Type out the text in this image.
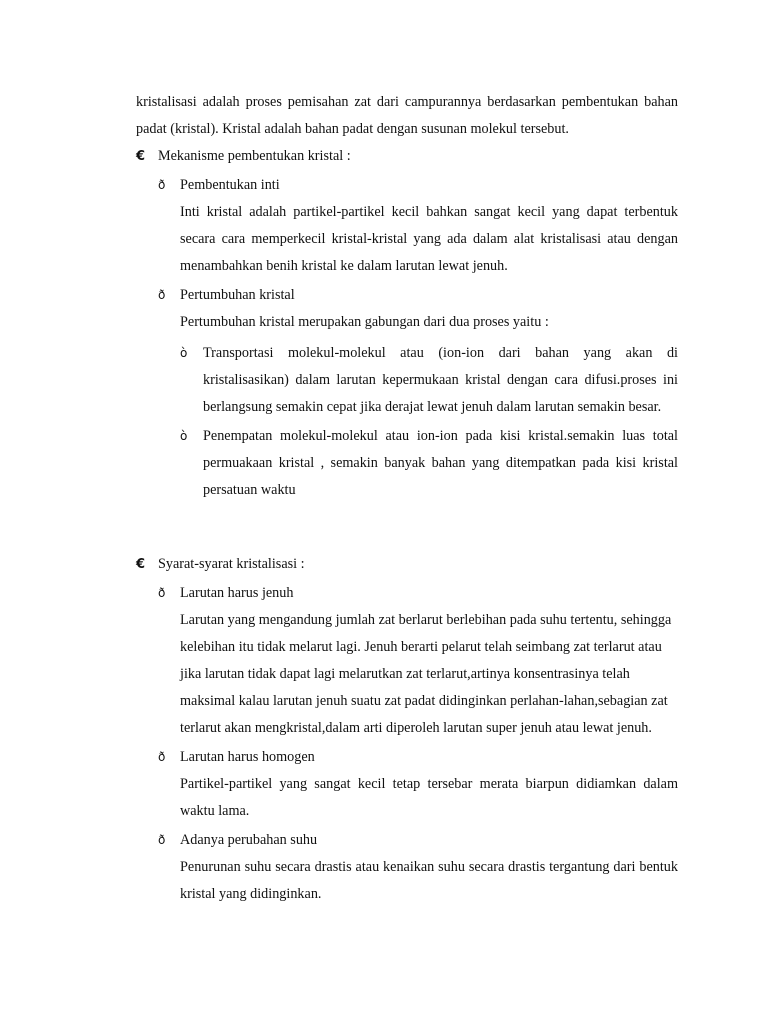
kristalisasi adalah proses pemisahan zat dari campurannya berdasarkan pembentukan bahan padat (kristal). Kristal adalah bahan padat dengan susunan molekul tersebut.

€ Mekanisme pembentukan kristal :
ð	Pembentukan inti

Inti kristal adalah partikel-partikel kecil bahkan sangat kecil yang dapat terbentuk secara cara memperkecil kristal-kristal yang ada dalam alat kristalisasi atau dengan menambahkan benih kristal ke dalam larutan lewat jenuh.

ð	Pertumbuhan kristal

Pertumbuhan kristal merupakan gabungan dari dua proses yaitu :

ò	Transportasi molekul-molekul atau (ion-ion dari bahan yang akan di kristalisasikan) dalam larutan kepermukaan kristal dengan cara difusi.proses ini berlangsung semakin cepat jika derajat lewat jenuh dalam larutan semakin besar.

ò	Penempatan molekul-molekul atau ion-ion pada kisi kristal.semakin luas total permuakaan kristal , semakin banyak bahan yang ditempatkan pada kisi kristal persatuan waktu

€ Syarat-syarat kristalisasi :
ð	Larutan harus jenuh

Larutan yang mengandung jumlah zat berlarut berlebihan pada suhu tertentu, sehingga kelebihan itu tidak melarut lagi. Jenuh berarti pelarut telah seimbang zat terlarut atau jika larutan tidak dapat lagi melarutkan zat terlarut,artinya konsentrasinya telah maksimal kalau larutan jenuh suatu zat padat didinginkan perlahan-lahan,sebagian zat terlarut akan mengkristal,dalam arti diperoleh larutan super jenuh atau lewat jenuh.

ð	Larutan harus homogen

Partikel-partikel yang sangat kecil tetap tersebar merata biarpun didiamkan dalam waktu lama.

ð	Adanya perubahan suhu

Penurunan suhu secara drastis atau kenaikan suhu secara drastis tergantung dari bentuk kristal yang didinginkan.
